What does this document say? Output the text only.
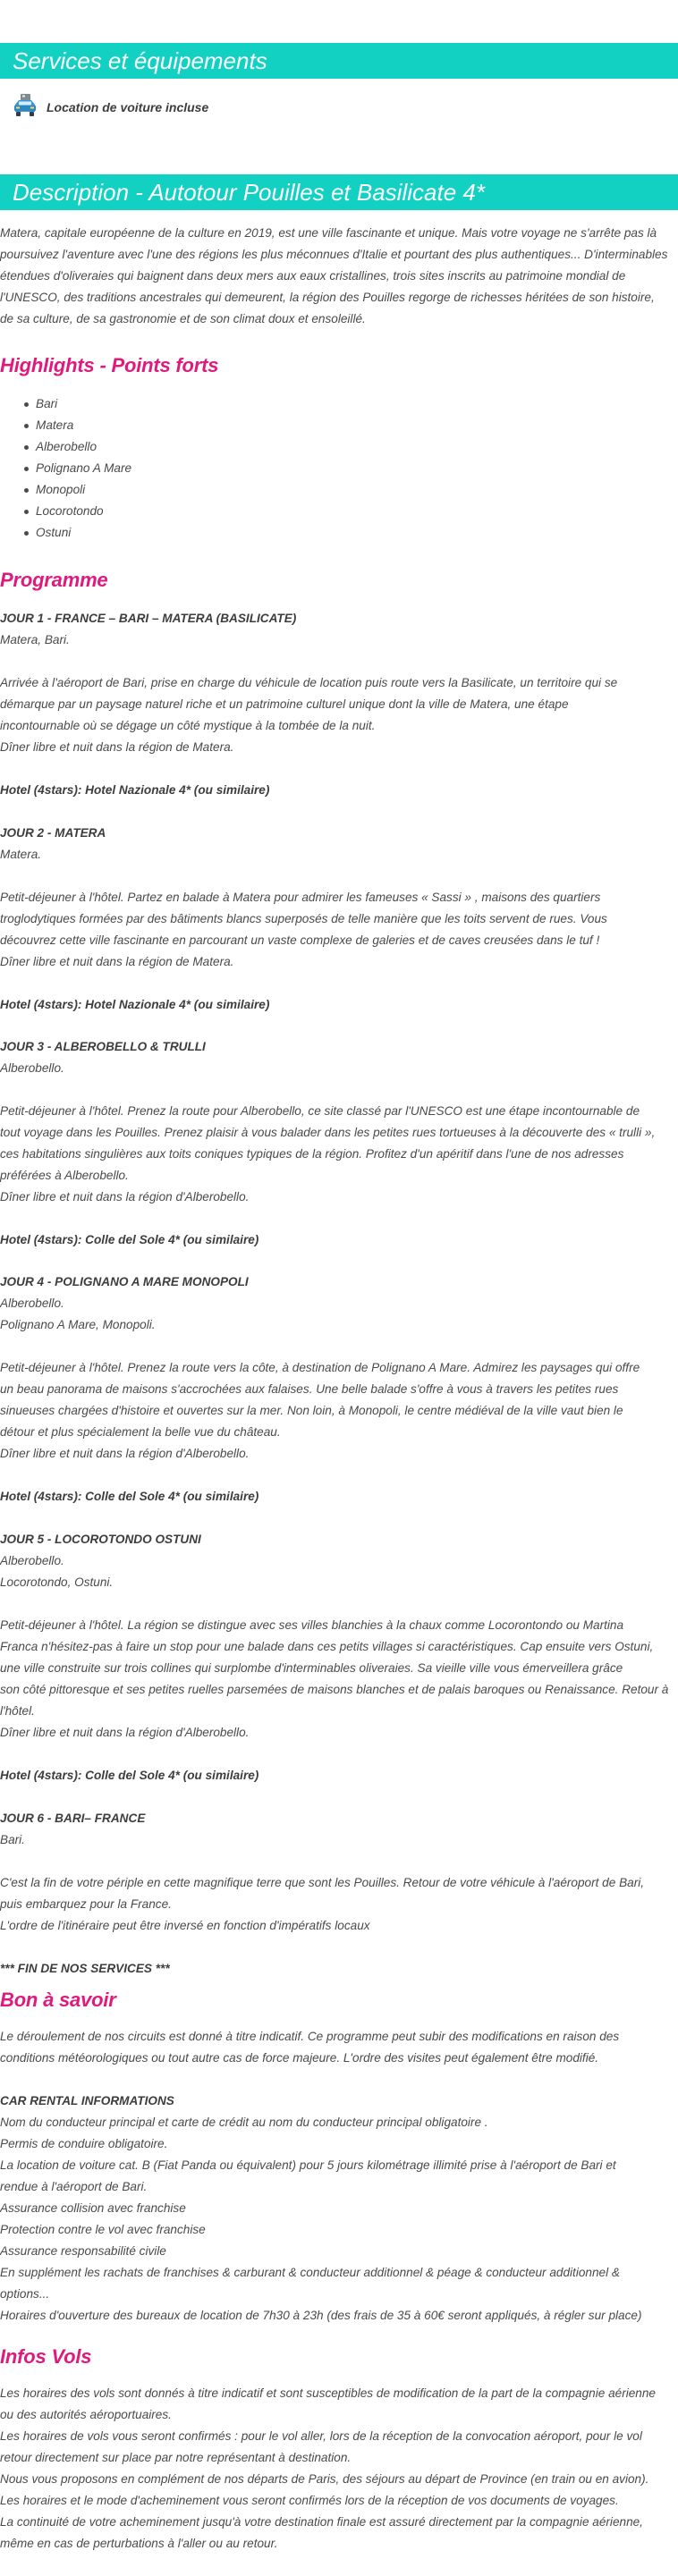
Services et équipements
Location de voiture incluse
Description - Autotour Pouilles et Basilicate 4*
Matera, capitale européenne de la culture en 2019, est une ville fascinante et unique. Mais votre voyage ne s'arrête pas là poursuivez l'aventure avec l'une des régions les plus méconnues d'Italie et pourtant des plus authentiques... D'interminables étendues d'oliveraies qui baignent dans deux mers aux eaux cristallines, trois sites inscrits au patrimoine mondial de l'UNESCO, des traditions ancestrales qui demeurent, la région des Pouilles regorge de richesses héritées de son histoire, de sa culture, de sa gastronomie et de son climat doux et ensoleillé.
Highlights - Points forts
Bari
Matera
Alberobello
Polignano A Mare
Monopoli
Locorotondo
Ostuni
Programme
JOUR 1 - FRANCE – BARI – MATERA (BASILICATE)
Matera, Bari.
Arrivée à l'aéroport de Bari, prise en charge du véhicule de location puis route vers la Basilicate, un territoire qui se
démarque par un paysage naturel riche et un patrimoine culturel unique dont la ville de Matera, une étape
incontournable où se dégage un côté mystique à la tombée de la nuit.
Dîner libre et nuit dans la région de Matera.
Hotel (4stars): Hotel Nazionale 4* (ou similaire)
JOUR 2 - MATERA
Matera.
Petit-déjeuner à l'hôtel. Partez en balade à Matera pour admirer les fameuses « Sassi » , maisons des quartiers
troglodytiques formées par des bâtiments blancs superposés de telle manière que les toits servent de rues. Vous
découvrez cette ville fascinante en parcourant un vaste complexe de galeries et de caves creusées dans le tuf !
Dîner libre et nuit dans la région de Matera.
Hotel (4stars): Hotel Nazionale 4* (ou similaire)
JOUR 3 - ALBEROBELLO & TRULLI
Alberobello.
Petit-déjeuner à l'hôtel. Prenez la route pour Alberobello, ce site classé par l'UNESCO est une étape incontournable de
tout voyage dans les Pouilles. Prenez plaisir à vous balader dans les petites rues tortueuses à la découverte des « trulli »,
ces habitations singulières aux toits coniques typiques de la région. Profitez d'un apéritif dans l'une de nos adresses
préférées à Alberobello.
Dîner libre et nuit dans la région d'Alberobello.
Hotel (4stars): Colle del Sole 4* (ou similaire)
JOUR 4 - POLIGNANO A MARE MONOPOLI
Alberobello.
Polignano A Mare, Monopoli.
Petit-déjeuner à l'hôtel. Prenez la route vers la côte, à destination de Polignano A Mare. Admirez les paysages qui offre
un beau panorama de maisons s'accrochées aux falaises. Une belle balade s'offre à vous à travers les petites rues
sinueuses chargées d'histoire et ouvertes sur la mer. Non loin, à Monopoli, le centre médiéval de la ville vaut bien le
détour et plus spécialement la belle vue du château.
Dîner libre et nuit dans la région d'Alberobello.
Hotel (4stars): Colle del Sole 4* (ou similaire)
JOUR 5 - LOCOROTONDO OSTUNI
Alberobello.
Locorotondo, Ostuni.
Petit-déjeuner à l'hôtel. La région se distingue avec ses villes blanchies à la chaux comme Locorontondo ou Martina
Franca n'hésitez-pas à faire un stop pour une balade dans ces petits villages si caractéristiques. Cap ensuite vers Ostuni,
une ville construite sur trois collines qui surplombe d'interminables oliveraies. Sa vieille ville vous émerveillera grâce
son côté pittoresque et ses petites ruelles parsemées de maisons blanches et de palais baroques ou Renaissance. Retour à
l'hôtel.
Dîner libre et nuit dans la région d'Alberobello.
Hotel (4stars): Colle del Sole 4* (ou similaire)
JOUR 6 - BARI– FRANCE
Bari.
C'est la fin de votre périple en cette magnifique terre que sont les Pouilles. Retour de votre véhicule à l'aéroport de Bari,
puis embarquez pour la France.
L'ordre de l'itinéraire peut être inversé en fonction d'impératifs locaux
*** FIN DE NOS SERVICES ***
Bon à savoir
Le déroulement de nos circuits est donné à titre indicatif. Ce programme peut subir des modifications en raison des
conditions météorologiques ou tout autre cas de force majeure. L'ordre des visites peut également être modifié.
CAR RENTAL INFORMATIONS
Nom du conducteur principal et carte de crédit au nom du conducteur principal obligatoire .
Permis de conduire obligatoire.
La location de voiture cat. B (Fiat Panda ou équivalent) pour 5 jours kilométrage illimité prise à l'aéroport de Bari et
rendue à l'aéroport de Bari.
Assurance collision avec franchise
Protection contre le vol avec franchise
Assurance responsabilité civile
En supplément les rachats de franchises & carburant & conducteur additionnel & péage & conducteur additionnel &
options...
Horaires d'ouverture des bureaux de location de 7h30 à 23h (des frais de 35 à 60€ seront appliqués, à régler sur place)
Infos Vols
Les horaires des vols sont donnés à titre indicatif et sont susceptibles de modification de la part de la compagnie aérienne
ou des autorités aéroportuaires.
Les horaires de vols vous seront confirmés : pour le vol aller, lors de la réception de la convocation aéroport, pour le vol
retour directement sur place par notre représentant à destination.
Nous vous proposons en complément de nos départs de Paris, des séjours au départ de Province (en train ou en avion).
Les horaires et le mode d'acheminement vous seront confirmés lors de la réception de vos documents de voyages.
La continuité de votre acheminement jusqu'à votre destination finale est assuré directement par la compagnie aérienne,
même en cas de perturbations à l'aller ou au retour.
